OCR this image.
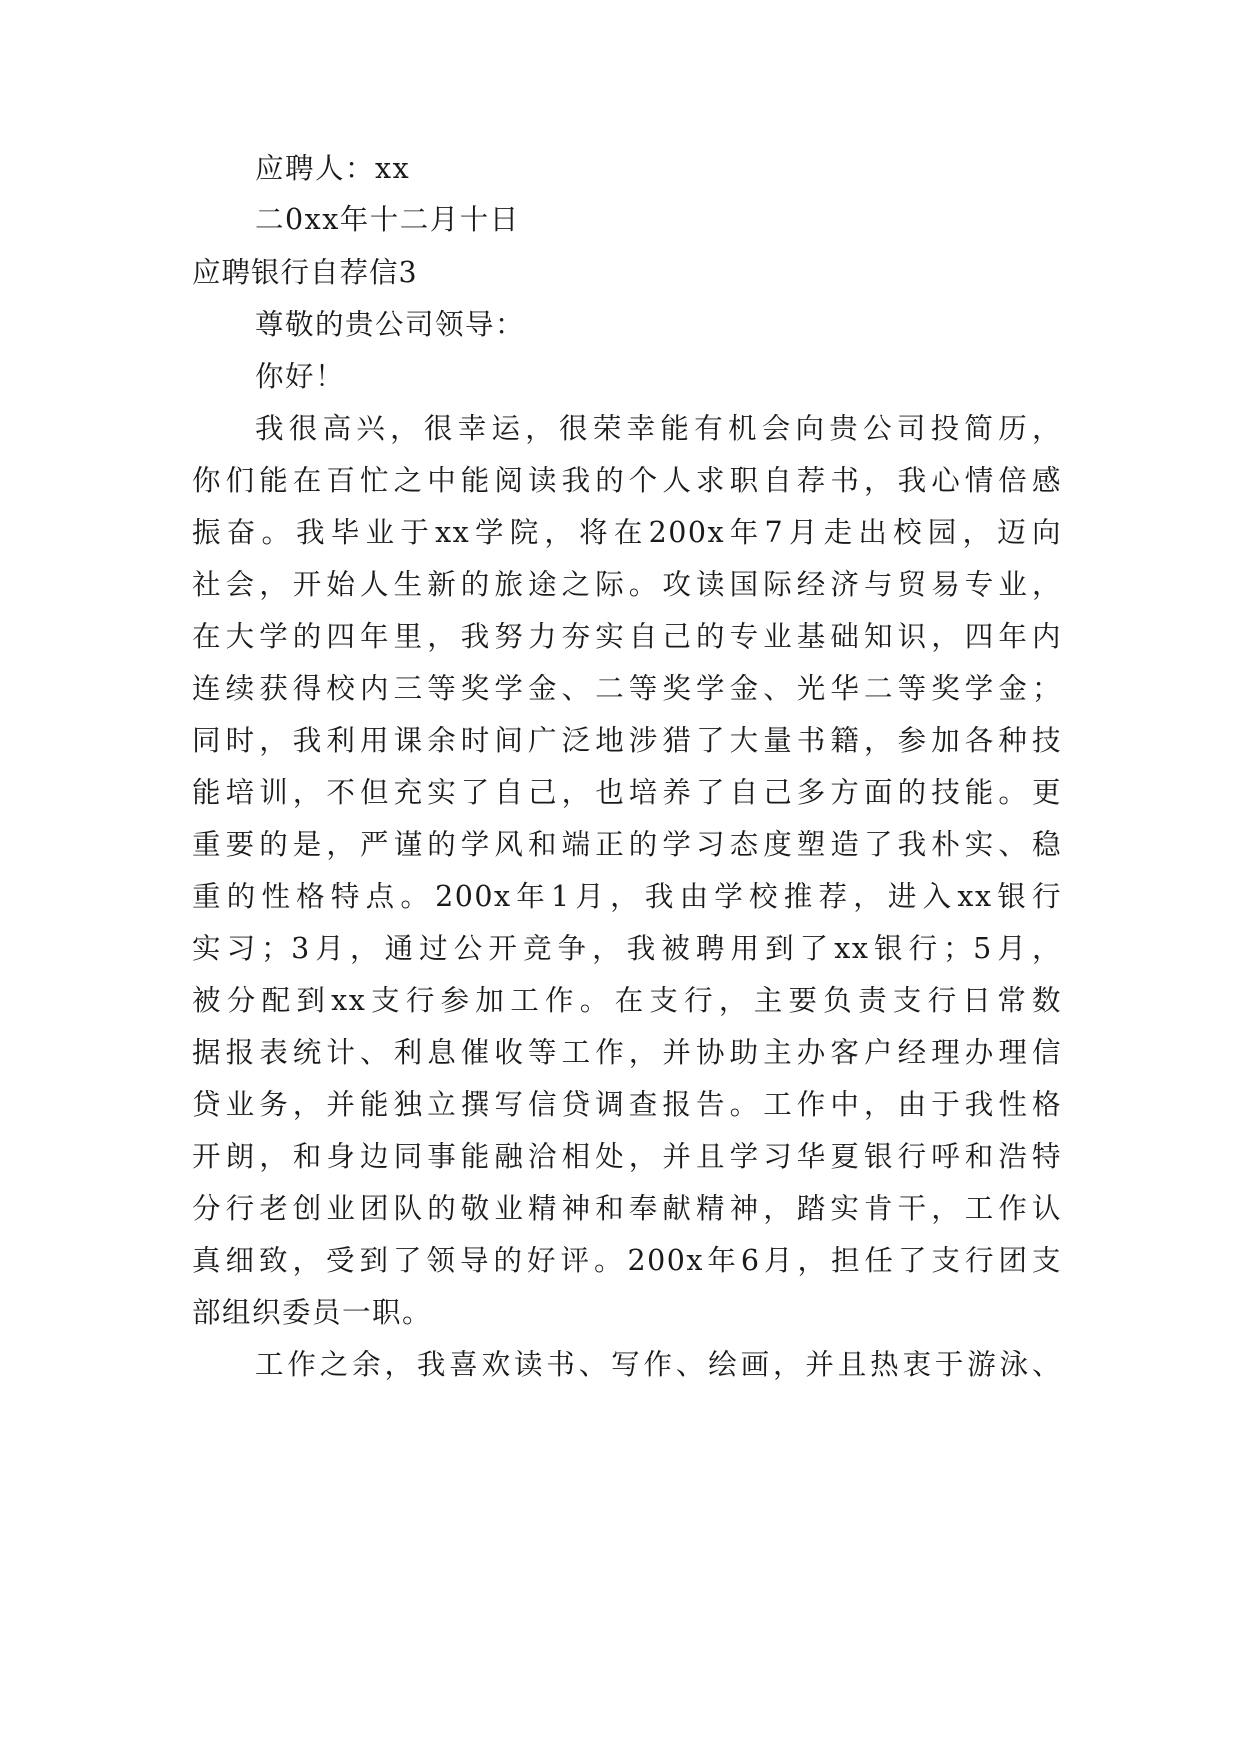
应聘人：xx
二0xx年十二月十日
应聘银行自荐信3
尊敬的贵公司领导：
你好！
我很高兴，很幸运，很荣幸能有机会向贵公司投简历，
你们能在百忙之中能阅读我的个人求职自荐书，我心情倍感
振奋。我毕业于xx学院，将在200x年7月走出校园，迈向
社会，开始人生新的旅途之际。攻读国际经济与贸易专业，
在大学的四年里，我努力夯实自己的专业基础知识，四年内
连续获得校内三等奖学金、二等奖学金、光华二等奖学金；
同时，我利用课余时间广泛地涉猎了大量书籍，参加各种技
能培训，不但充实了自己，也培养了自己多方面的技能。更
重要的是，严谨的学风和端正的学习态度塑造了我朴实、稳
重的性格特点。200x年1月，我由学校推荐，进入xx银行
实习；3月，通过公开竞争，我被聘用到了xx银行；5月，
被分配到xx支行参加工作。在支行，主要负责支行日常数
据报表统计、利息催收等工作，并协助主办客户经理办理信
贷业务，并能独立撰写信贷调查报告。工作中，由于我性格
开朗，和身边同事能融洽相处，并且学习华夏银行呼和浩特
分行老创业团队的敬业精神和奉献精神，踏实肯干，工作认
真细致，受到了领导的好评。200x年6月，担任了支行团支
部组织委员一职。
工作之余，我喜欢读书、写作、绘画，并且热衷于游泳、
